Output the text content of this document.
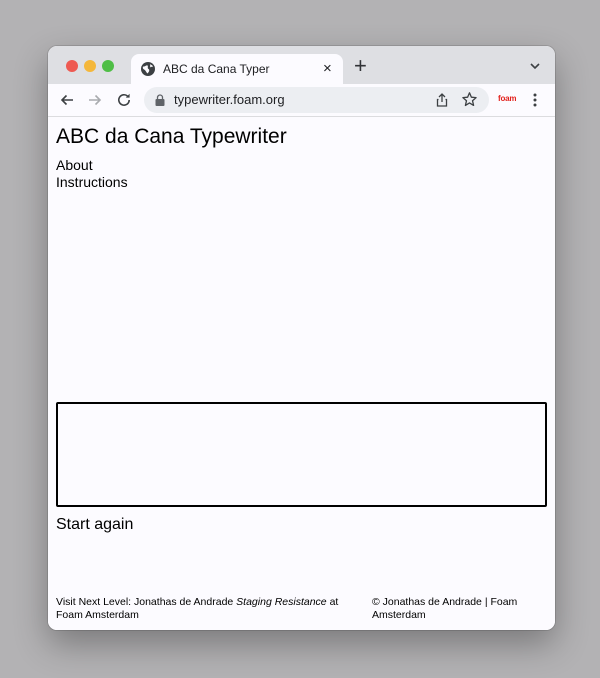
ABC da Cana Typer	× +
typewriter.foam.org	foam
ABC da Cana Typewriter
About
Instructions
Start again
Visit Next Level: Jonathas de Andrade Staging Resistance at Foam Amsterdam
© Jonathas de Andrade | Foam Amsterdam
